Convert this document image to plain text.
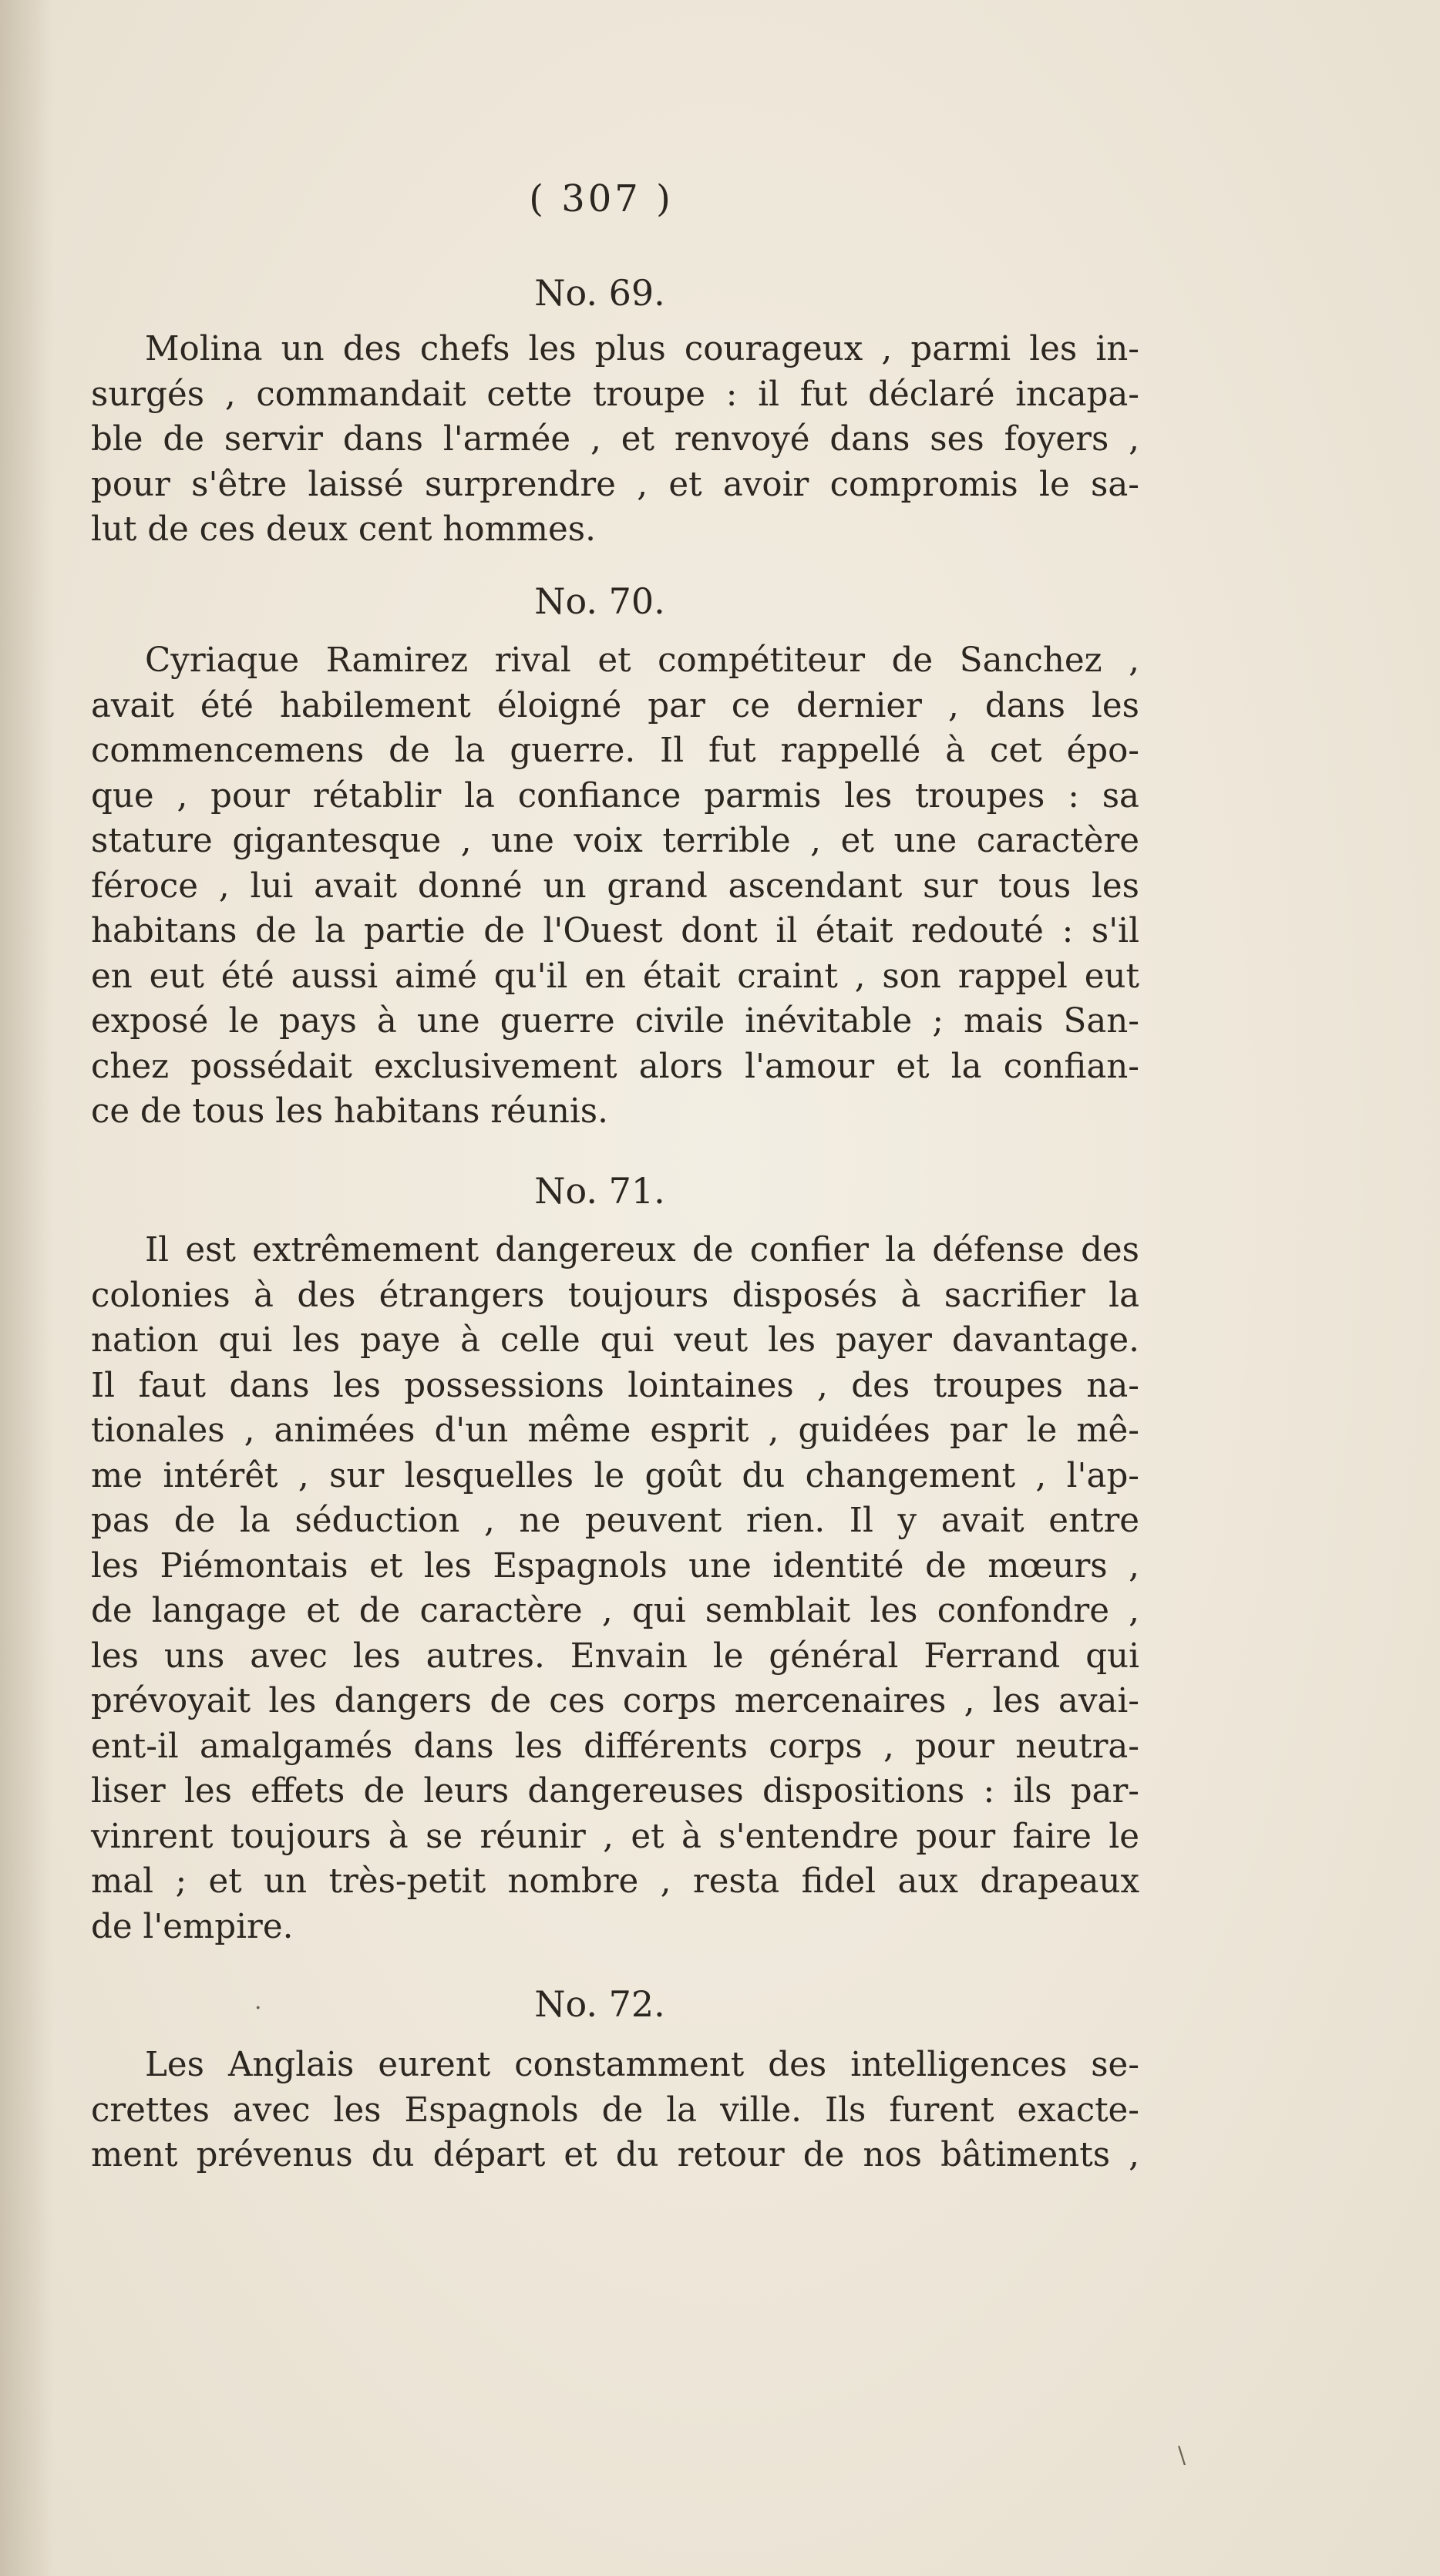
( 307 )

No. 69.
Molina un des chefs les plus courageux , parmi les in-
surgés , commandait cette troupe : il fut déclaré incapa-
ble de servir dans l'armée , et renvoyé dans ses foyers ,
pour s'être laissé surprendre , et avoir compromis le sa-
lut de ces deux cent hommes.
No. 70.
Cyriaque Ramirez rival et compétiteur de Sanchez ,
avait été habilement éloigné par ce dernier , dans les
commencemens de la guerre. Il fut rappellé à cet épo-
que , pour rétablir la confiance parmis les troupes : sa
stature gigantesque , une voix terrible , et une caractère
féroce , lui avait donné un grand ascendant sur tous les
habitans de la partie de l'Ouest dont il était redouté : s'il
en eut été aussi aimé qu'il en était craint , son rappel eut
exposé le pays à une guerre civile inévitable ; mais San-
chez possédait exclusivement alors l'amour et la confian-
ce de tous les habitans réunis.
No. 71.
Il est extrêmement dangereux de confier la défense des
colonies à des étrangers toujours disposés à sacrifier la
nation qui les paye à celle qui veut les payer davantage.
Il faut dans les possessions lointaines , des troupes na-
tionales , animées d'un même esprit , guidées par le mê-
me intérêt , sur lesquelles le goût du changement , l'ap-
pas de la séduction , ne peuvent rien. Il y avait entre
les Piémontais et les Espagnols une identité de mœurs ,
de langage et de caractère , qui semblait les confondre ,
les uns avec les autres. Envain le général Ferrand qui
prévoyait les dangers de ces corps mercenaires , les avai-
ent-il amalgamés dans les différents corps , pour neutra-
liser les effets de leurs dangereuses dispositions : ils par-
vinrent toujours à se réunir , et à s'entendre pour faire le
mal ; et un très-petit nombre , resta fidel aux drapeaux
de l'empire.
No. 72.
Les Anglais eurent constamment des intelligences se-
crettes avec les Espagnols de la ville. Ils furent exacte-
ment prévenus du départ et du retour de nos bâtiments ,
\
·
